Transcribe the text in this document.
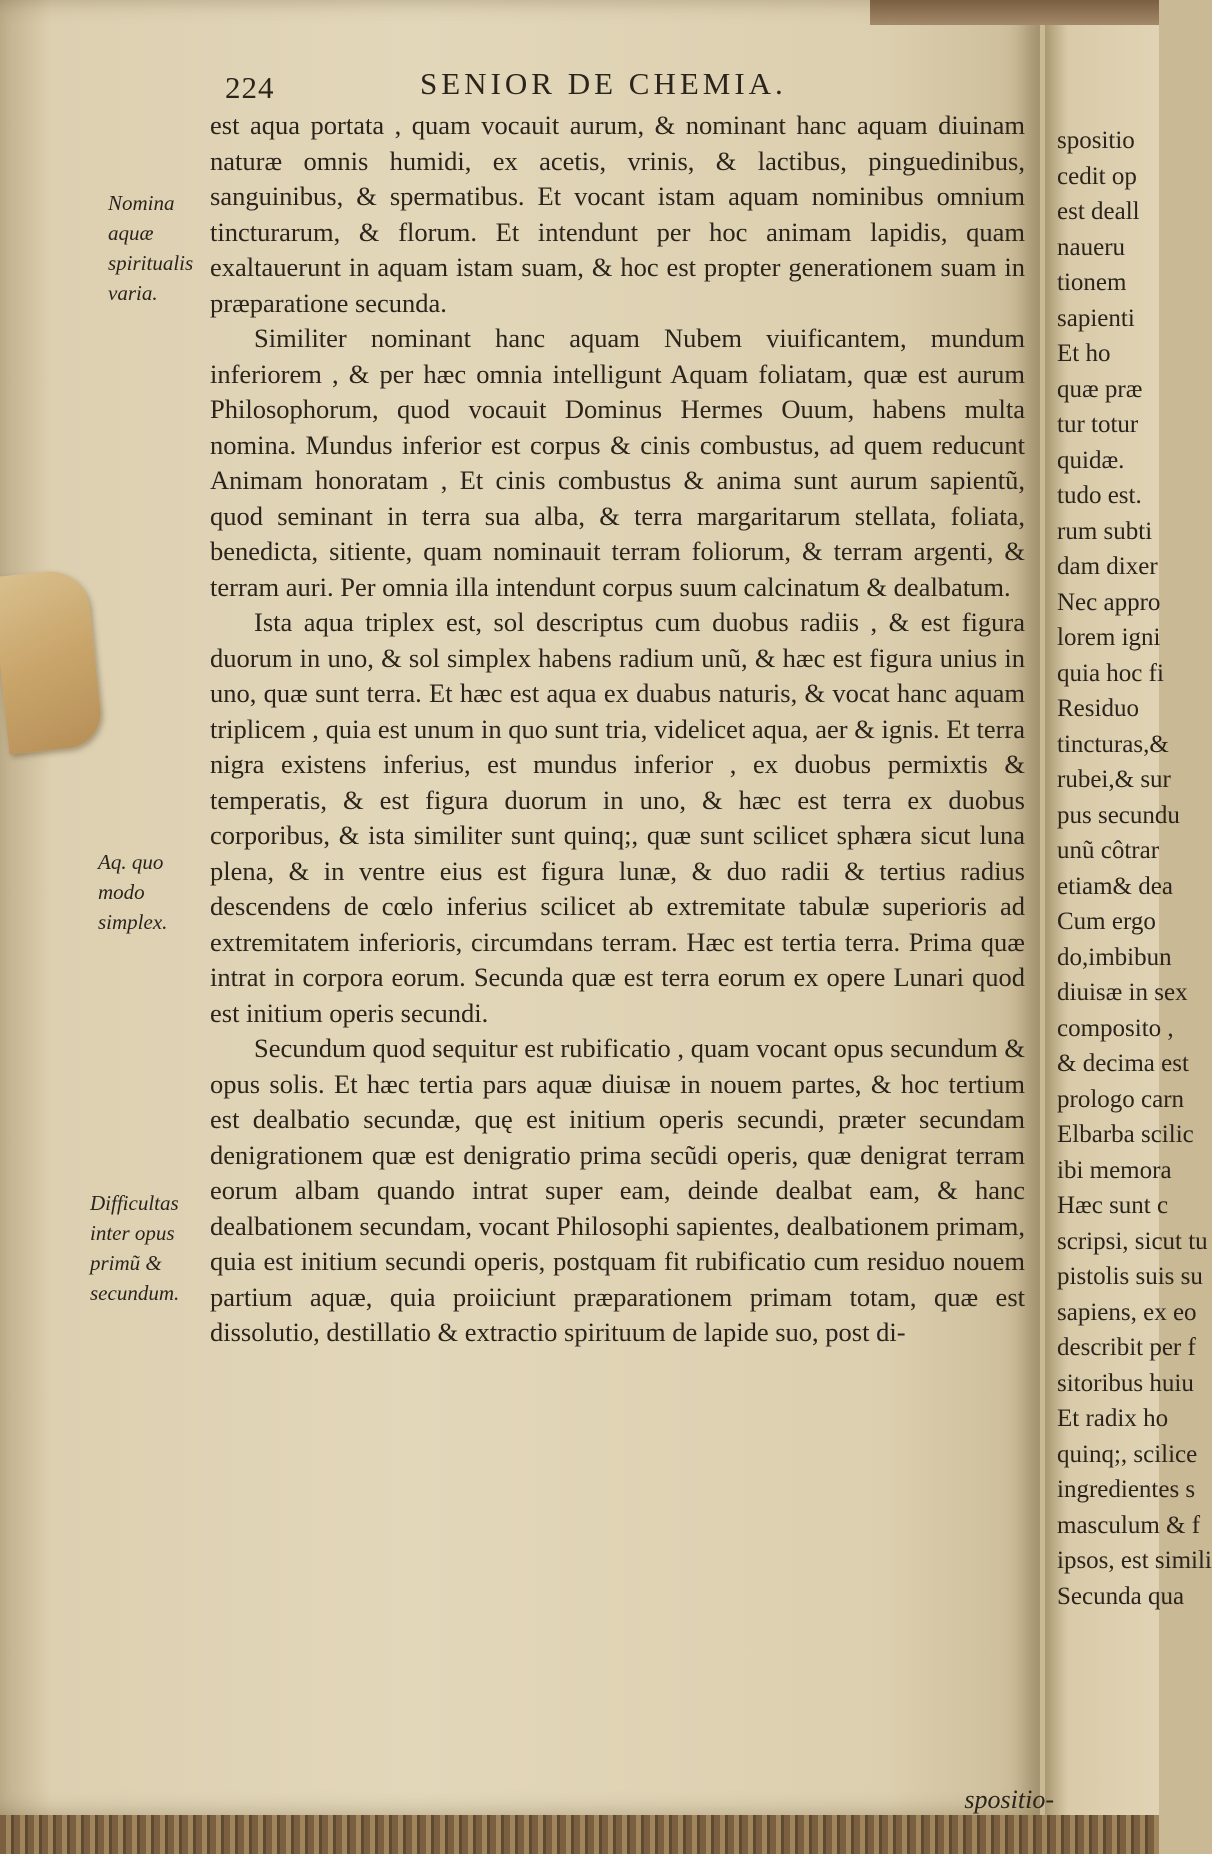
spositio
cedit op
est deall
naueru
tionem
sapienti
Et ho
quæ præ
tur totur
quidæ.
tudo est.
rum subti
dam dixer
Nec appro
lorem igni
quia hoc fi
Residuo
tincturas,&
rubei,& sur
pus secundu
unũ côtrar
etiam& dea
Cum ergo
do,imbibun
diuisæ in sex
composito ,
& decima est
prologo carn
Elbarba scilic
ibi memora
Hæc sunt c
scripsi, sicut tu
pistolis suis su
sapiens, ex eo
describit per f
sitoribus huiu
Et radix ho
quinq;, scilice
ingredientes s
masculum & f
ipsos, est simili
Secunda qua
224	SENIOR DE CHEMIA.
Nomina aquæ spiritualis varia.
Aq. quo modo simplex.
Difficultas inter opus primũ & secundum.

est aqua portata , quam vocauit aurum, & nominant hanc aquam diuinam naturæ omnis humidi, ex acetis, vrinis, & lactibus, pinguedinibus, sanguinibus, & spermatibus. Et vocant istam aquam nominibus omnium tincturarum, & florum. Et intendunt per hoc animam lapidis, quam exaltauerunt in aquam istam suam, & hoc est propter generationem suam in præparatione secunda.

Similiter nominant hanc aquam Nubem viuificantem, mundum inferiorem , & per hæc omnia intelligunt Aquam foliatam, quæ est aurum Philosophorum, quod vocauit Dominus Hermes Ouum, habens multa nomina. Mundus inferior est corpus & cinis combustus, ad quem reducunt Animam honoratam , Et cinis combustus & anima sunt aurum sapientũ, quod seminant in terra sua alba, & terra margaritarum stellata, foliata, benedicta, sitiente, quam nominauit terram foliorum, & terram argenti, & terram auri. Per omnia illa intendunt corpus suum calcinatum & dealbatum.

Ista aqua triplex est, sol descriptus cum duobus radiis , & est figura duorum in uno, & sol simplex habens radium unũ, & hæc est figura unius in uno, quæ sunt terra. Et hæc est aqua ex duabus naturis, & vocat hanc aquam triplicem , quia est unum in quo sunt tria, videlicet aqua, aer & ignis. Et terra nigra existens inferius, est mundus inferior , ex duobus permixtis & temperatis, & est figura duorum in uno, & hæc est terra ex duobus corporibus, & ista similiter sunt quinq;, quæ sunt scilicet sphæra sicut luna plena, & in ventre eius est figura lunæ, & duo radii & tertius radius descendens de cœlo inferius scilicet ab extremitate tabulæ superioris ad extremitatem inferioris, circumdans terram. Hæc est tertia terra. Prima quæ intrat in corpora eorum. Secunda quæ est terra eorum ex opere Lunari quod est initium operis secundi.

Secundum quod sequitur est rubificatio , quam vocant opus secundum & opus solis. Et hæc tertia pars aquæ diuisæ in nouem partes, & hoc tertium est dealbatio secundæ, quę est initium operis secundi, præter secundam denigrationem quæ est denigratio prima secũdi operis, quæ denigrat terram eorum albam quando intrat super eam, deinde dealbat eam, & hanc dealbationem secundam, vocant Philosophi sapientes, dealbationem primam, quia est initium secundi operis, postquam fit rubificatio cum residuo nouem partium aquæ, quia proiiciunt præparationem primam totam, quæ est dissolutio, destillatio & extractio spirituum de lapide suo, post di-

spositio-
